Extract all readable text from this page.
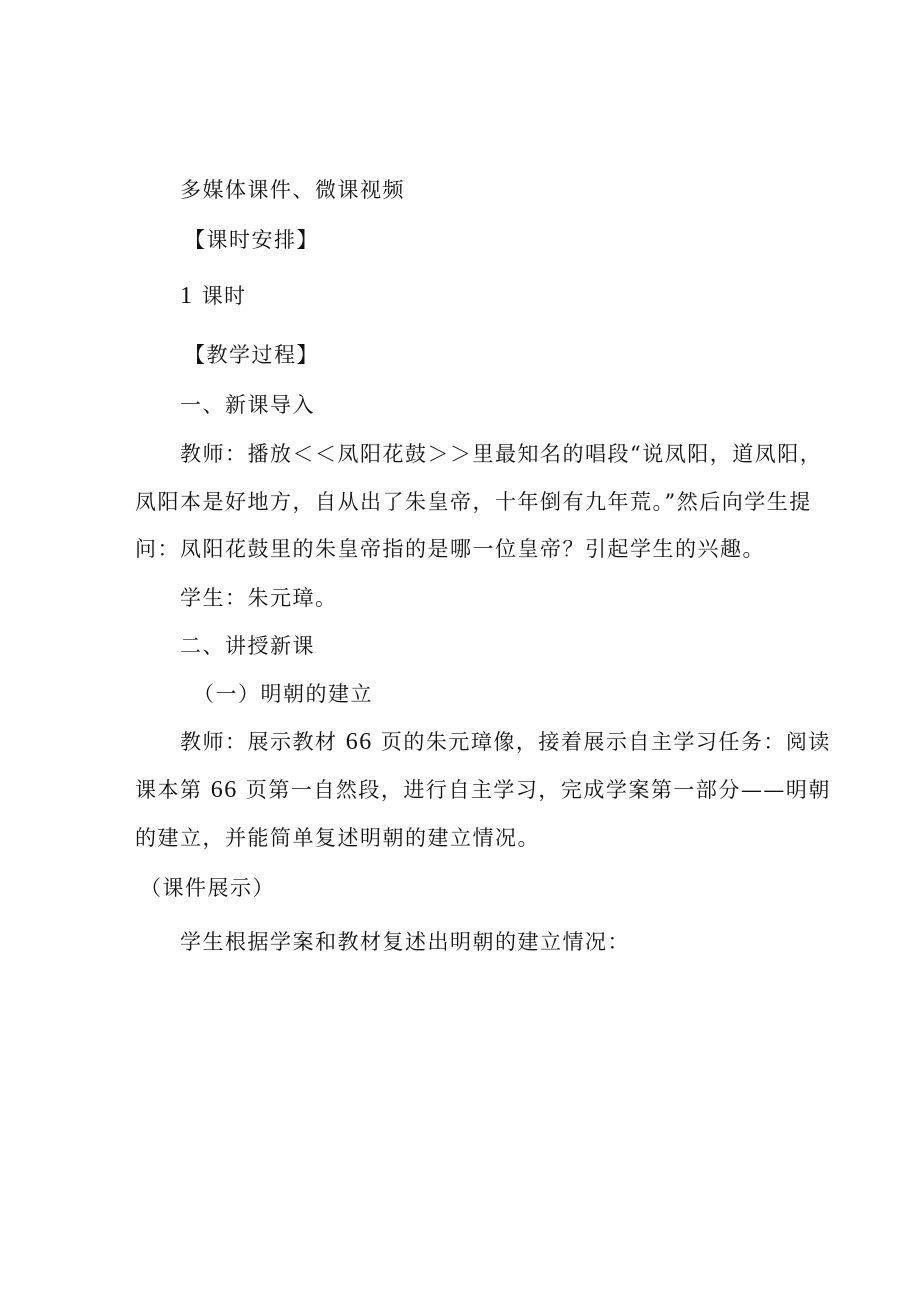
多媒体课件、微课视频
【课时安排】
1 课时
【教学过程】
一、新课导入
教师：播放＜＜凤阳花鼓＞＞里最知名的唱段“说凤阳，道凤阳，
凤阳本是好地方，自从出了朱皇帝，十年倒有九年荒。”然后向学生提
问：凤阳花鼓里的朱皇帝指的是哪一位皇帝？引起学生的兴趣。
学生：朱元璋。
二、讲授新课
（一）明朝的建立
教师：展示教材 66 页的朱元璋像，接着展示自主学习任务：阅读
课本第 66 页第一自然段，进行自主学习，完成学案第一部分——明朝
的建立，并能简单复述明朝的建立情况。
（课件展示）
学生根据学案和教材复述出明朝的建立情况：
